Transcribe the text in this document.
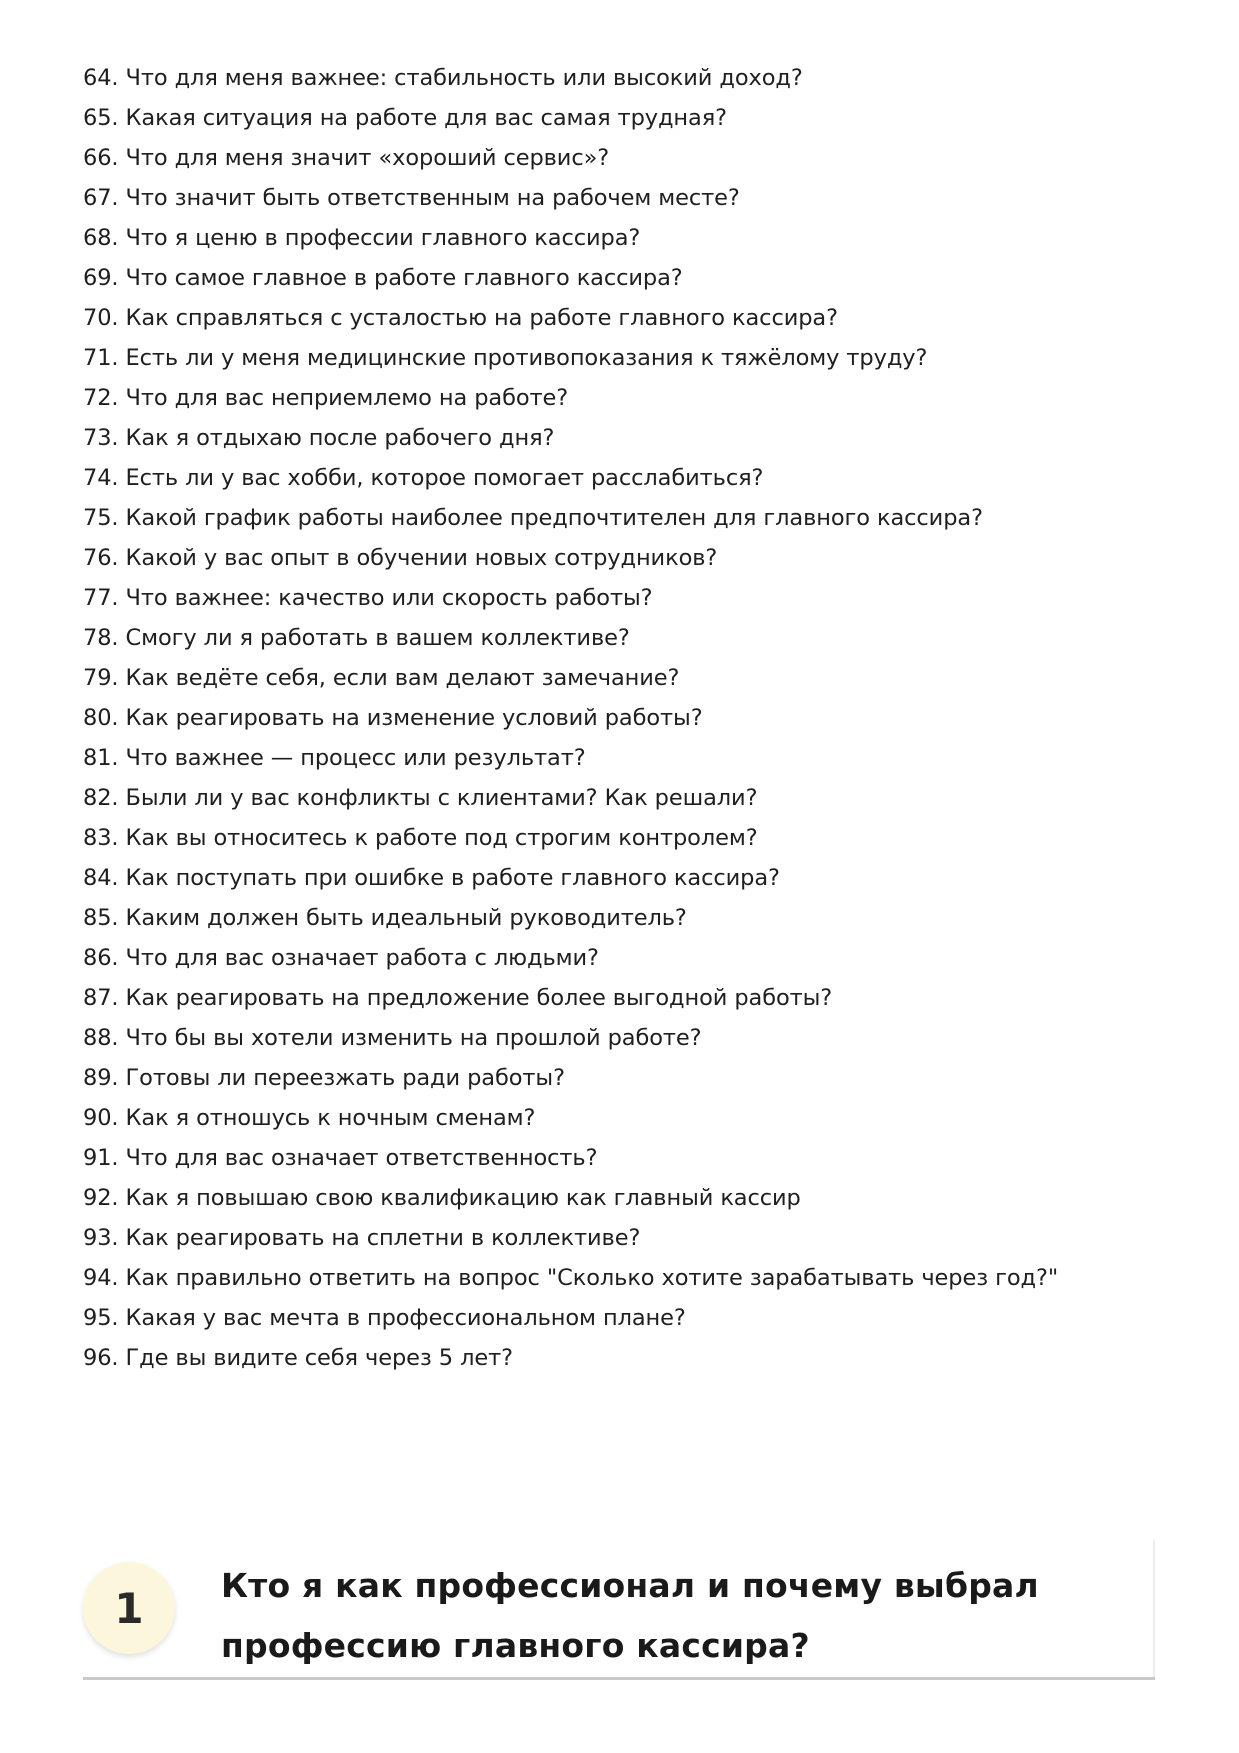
64. Что для меня важнее: стабильность или высокий доход?
65. Какая ситуация на работе для вас самая трудная?
66. Что для меня значит «хороший сервис»?
67. Что значит быть ответственным на рабочем месте?
68. Что я ценю в профессии главного кассира?
69. Что самое главное в работе главного кассира?
70. Как справляться с усталостью на работе главного кассира?
71. Есть ли у меня медицинские противопоказания к тяжёлому труду?
72. Что для вас неприемлемо на работе?
73. Как я отдыхаю после рабочего дня?
74. Есть ли у вас хобби, которое помогает расслабиться?
75. Какой график работы наиболее предпочтителен для главного кассира?
76. Какой у вас опыт в обучении новых сотрудников?
77. Что важнее: качество или скорость работы?
78. Смогу ли я работать в вашем коллективе?
79. Как ведёте себя, если вам делают замечание?
80. Как реагировать на изменение условий работы?
81. Что важнее — процесс или результат?
82. Были ли у вас конфликты с клиентами? Как решали?
83. Как вы относитесь к работе под строгим контролем?
84. Как поступать при ошибке в работе главного кассира?
85. Каким должен быть идеальный руководитель?
86. Что для вас означает работа с людьми?
87. Как реагировать на предложение более выгодной работы?
88. Что бы вы хотели изменить на прошлой работе?
89. Готовы ли переезжать ради работы?
90. Как я отношусь к ночным сменам?
91. Что для вас означает ответственность?
92. Как я повышаю свою квалификацию как главный кассир
93. Как реагировать на сплетни в коллективе?
94. Как правильно ответить на вопрос "Сколько хотите зарабатывать через год?"
95. Какая у вас мечта в профессиональном плане?
96. Где вы видите себя через 5 лет?
1	Кто я как профессионал и почему выбрал профессию главного кассира?
